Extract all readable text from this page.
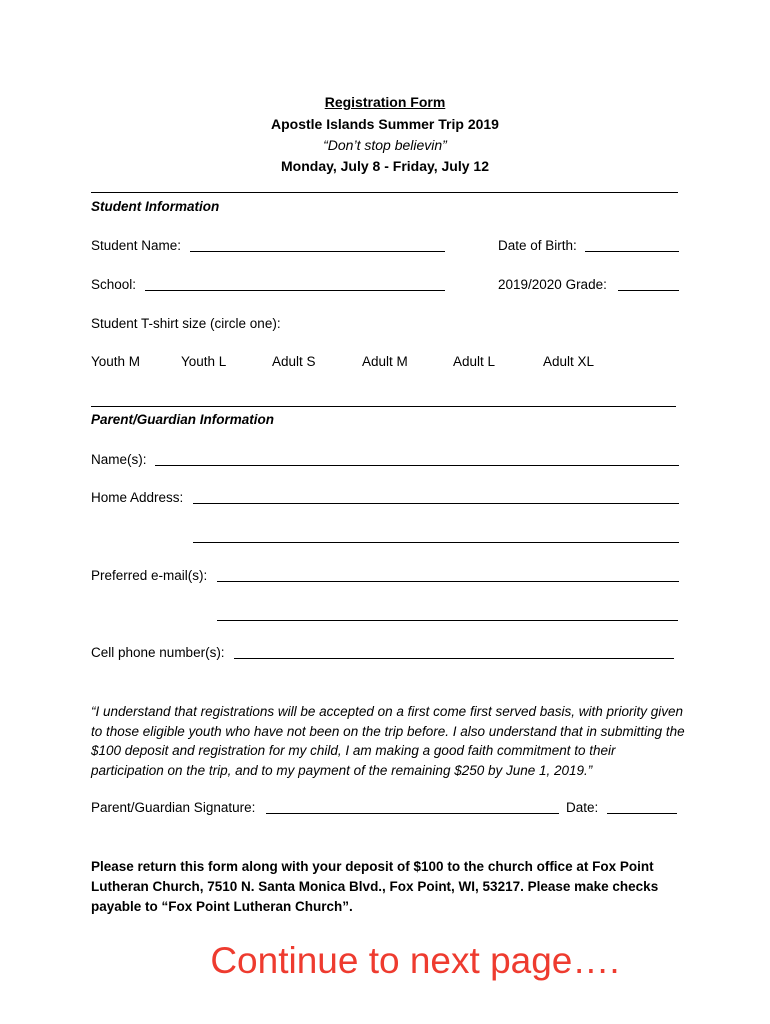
Registration Form
Apostle Islands Summer Trip 2019
“Don’t stop believin”
Monday, July 8 - Friday, July 12
Student Information
Student Name:	Date of Birth:
School:	2019/2020 Grade:
Student T-shirt size (circle one):
Youth M	Youth L	Adult S	Adult M	Adult L	Adult XL
Parent/Guardian Information
Name(s):
Home Address:
Preferred e-mail(s):
Cell phone number(s):
“I understand that registrations will be accepted on a first come first served basis, with priority given to those eligible youth who have not been on the trip before. I also understand that in submitting the $100 deposit and registration for my child, I am making a good faith commitment to their participation on the trip, and to my payment of the remaining $250 by June 1, 2019.”
Parent/Guardian Signature:	Date:
Please return this form along with your deposit of $100 to the church office at Fox Point Lutheran Church, 7510 N. Santa Monica Blvd., Fox Point, WI, 53217. Please make checks payable to “Fox Point Lutheran Church”.
Continue to next page….
